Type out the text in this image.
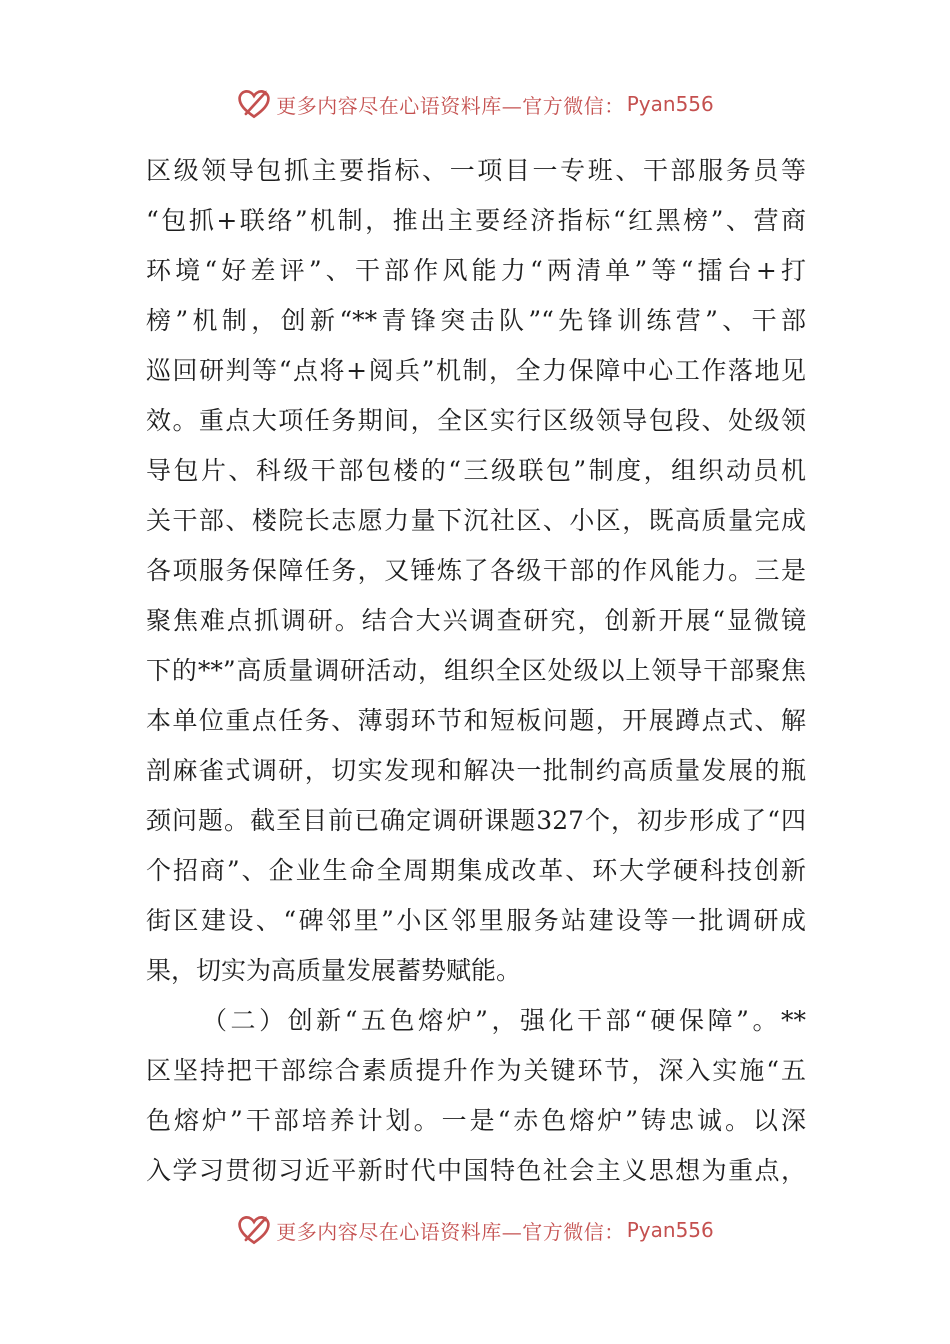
更多内容尽在心语资料库—官方微信： Pyan556
区级领导包抓主要指标、一项目一专班、干部服务员等
“包抓+联络”机制，推出主要经济指标“红黑榜”、营商
环境“好差评”、干部作风能力“两清单”等“擂台+打
榜”机制，创新“**青锋突击队”“先锋训练营”、干部
巡回研判等“点将+阅兵”机制，全力保障中心工作落地见
效。重点大项任务期间，全区实行区级领导包段、处级领
导包片、科级干部包楼的“三级联包”制度，组织动员机
关干部、楼院长志愿力量下沉社区、小区，既高质量完成
各项服务保障任务，又锤炼了各级干部的作风能力。三是
聚焦难点抓调研。结合大兴调查研究，创新开展“显微镜
下的**”高质量调研活动，组织全区处级以上领导干部聚焦
本单位重点任务、薄弱环节和短板问题，开展蹲点式、解
剖麻雀式调研，切实发现和解决一批制约高质量发展的瓶
颈问题。截至目前已确定调研课题327个，初步形成了“四
个招商”、企业生命全周期集成改革、环大学硬科技创新
街区建设、“碑邻里”小区邻里服务站建设等一批调研成
果，切实为高质量发展蓄势赋能。
（二）创新“五色熔炉”，强化干部“硬保障”。**
区坚持把干部综合素质提升作为关键环节，深入实施“五
色熔炉”干部培养计划。一是“赤色熔炉”铸忠诚。以深
入学习贯彻习近平新时代中国特色社会主义思想为重点，
更多内容尽在心语资料库—官方微信： Pyan556
